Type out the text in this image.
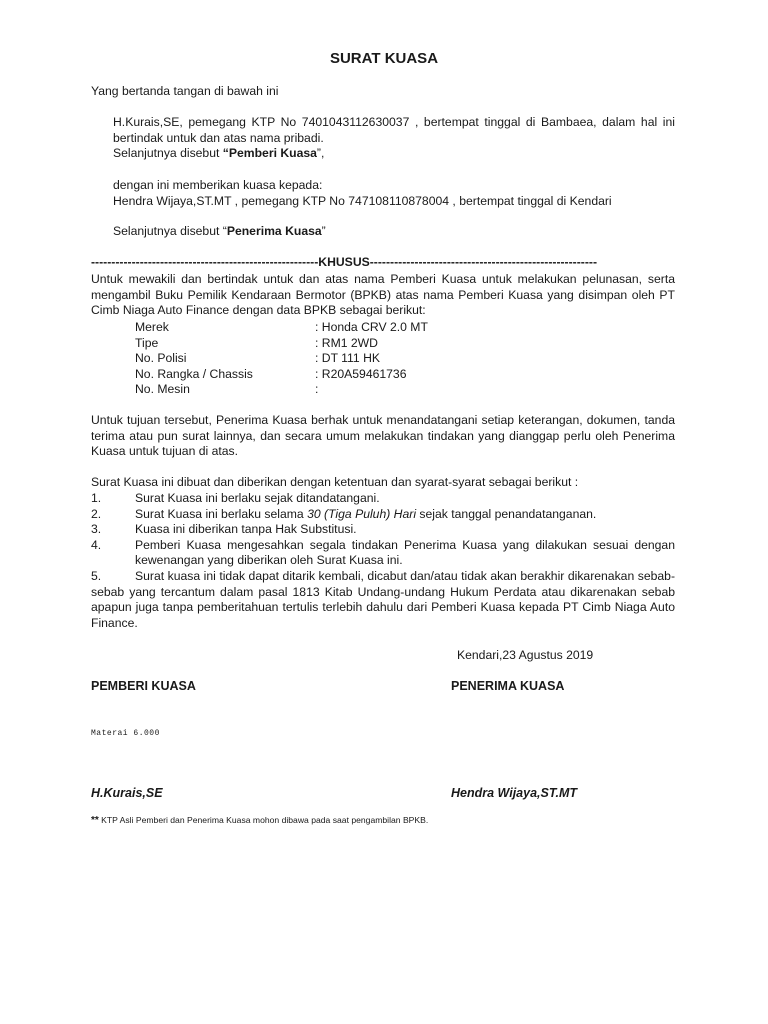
SURAT KUASA
Yang bertanda tangan di bawah ini
H.Kurais,SE, pemegang KTP No 7401043112630037 , bertempat tinggal di Bambaea, dalam hal ini bertindak untuk dan atas nama pribadi.
Selanjutnya disebut “Pemberi Kuasa”,
dengan ini memberikan kuasa kepada:
Hendra Wijaya,ST.MT , pemegang KTP No 747108110878004 , bertempat tinggal di Kendari
Selanjutnya disebut “Penerima Kuasa”
--------------------------------------------------------KHUSUS--------------------------------------------------------
Untuk mewakili dan bertindak untuk dan atas nama Pemberi Kuasa untuk melakukan pelunasan, serta mengambil Buku Pemilik Kendaraan Bermotor (BPKB) atas nama Pemberi Kuasa yang disimpan oleh PT Cimb Niaga Auto Finance dengan data BPKB sebagai berikut:
Merek	: Honda CRV 2.0 MT
Tipe	: RM1 2WD
No. Polisi	: DT 111 HK
No. Rangka / Chassis	: R20A59461736
No. Mesin	:
Untuk tujuan tersebut, Penerima Kuasa berhak untuk menandatangani setiap keterangan, dokumen, tanda terima atau pun surat lainnya, dan secara umum melakukan tindakan yang dianggap perlu oleh Penerima Kuasa untuk tujuan di atas.
Surat Kuasa ini dibuat dan diberikan dengan ketentuan dan syarat-syarat sebagai berikut :
1.	Surat Kuasa ini berlaku sejak ditandatangani.
2.	Surat Kuasa ini berlaku selama 30 (Tiga Puluh) Hari sejak tanggal penandatanganan.
3.	Kuasa ini diberikan tanpa Hak Substitusi.
4.	Pemberi Kuasa mengesahkan segala tindakan Penerima Kuasa yang dilakukan sesuai dengan kewenangan yang diberikan oleh Surat Kuasa ini.
5.	Surat kuasa ini tidak dapat ditarik kembali, dicabut dan/atau tidak akan berakhir dikarenakan sebab-sebab yang tercantum dalam pasal 1813 Kitab Undang-undang Hukum Perdata atau dikarenakan sebab apapun juga tanpa pemberitahuan tertulis terlebih dahulu dari Pemberi Kuasa kepada PT Cimb Niaga Auto Finance.
Kendari,23 Agustus 2019
PEMBERI KUASA	PENERIMA KUASA
Materai 6.000
H.Kurais,SE	Hendra Wijaya,ST.MT
** KTP Asli Pemberi dan Penerima Kuasa mohon dibawa pada saat pengambilan BPKB.
